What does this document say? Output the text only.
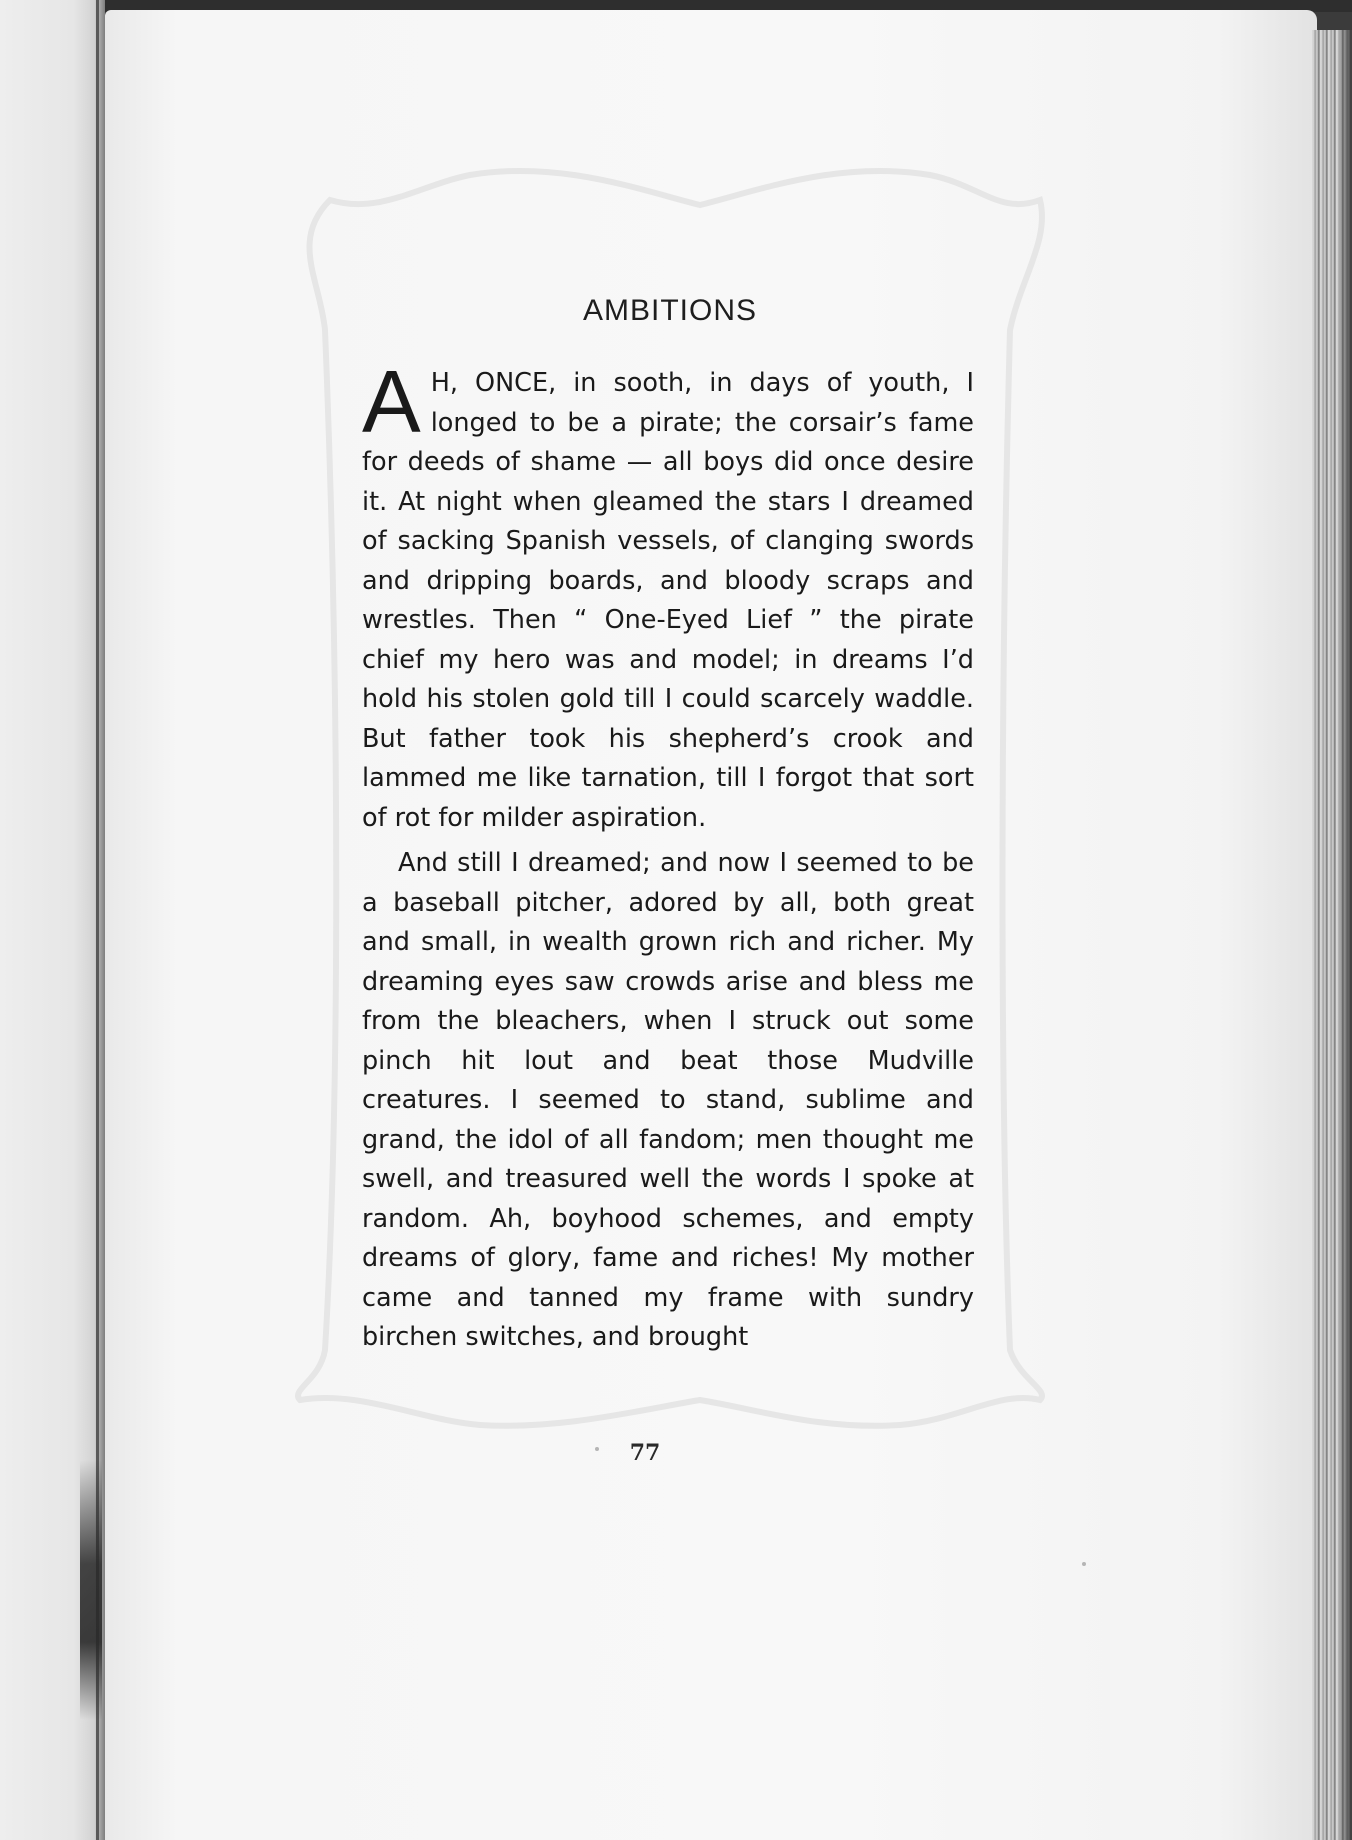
AMBITIONS

A H, ONCE, in sooth, in days of youth, I longed to be a pirate; the corsair’s fame for deeds of shame — all boys did once desire it. At night when gleamed the stars I dreamed of sacking Spanish vessels, of clanging swords and dripping boards, and bloody scraps and wrestles. Then “ One-Eyed Lief ” the pirate chief my hero was and model; in dreams I’d hold his stolen gold till I could scarcely waddle. But father took his shepherd’s crook and lammed me like tarnation, till I forgot that sort of rot for milder aspiration.

And still I dreamed; and now I seemed to be a baseball pitcher, adored by all, both great and small, in wealth grown rich and richer. My dreaming eyes saw crowds arise and bless me from the bleachers, when I struck out some pinch hit lout and beat those Mudville creatures. I seemed to stand, sublime and grand, the idol of all fandom; men thought me swell, and treasured well the words I spoke at random. Ah, boyhood schemes, and empty dreams of glory, fame and riches! My mother came and tanned my frame with sundry birchen switches, and brought

77
